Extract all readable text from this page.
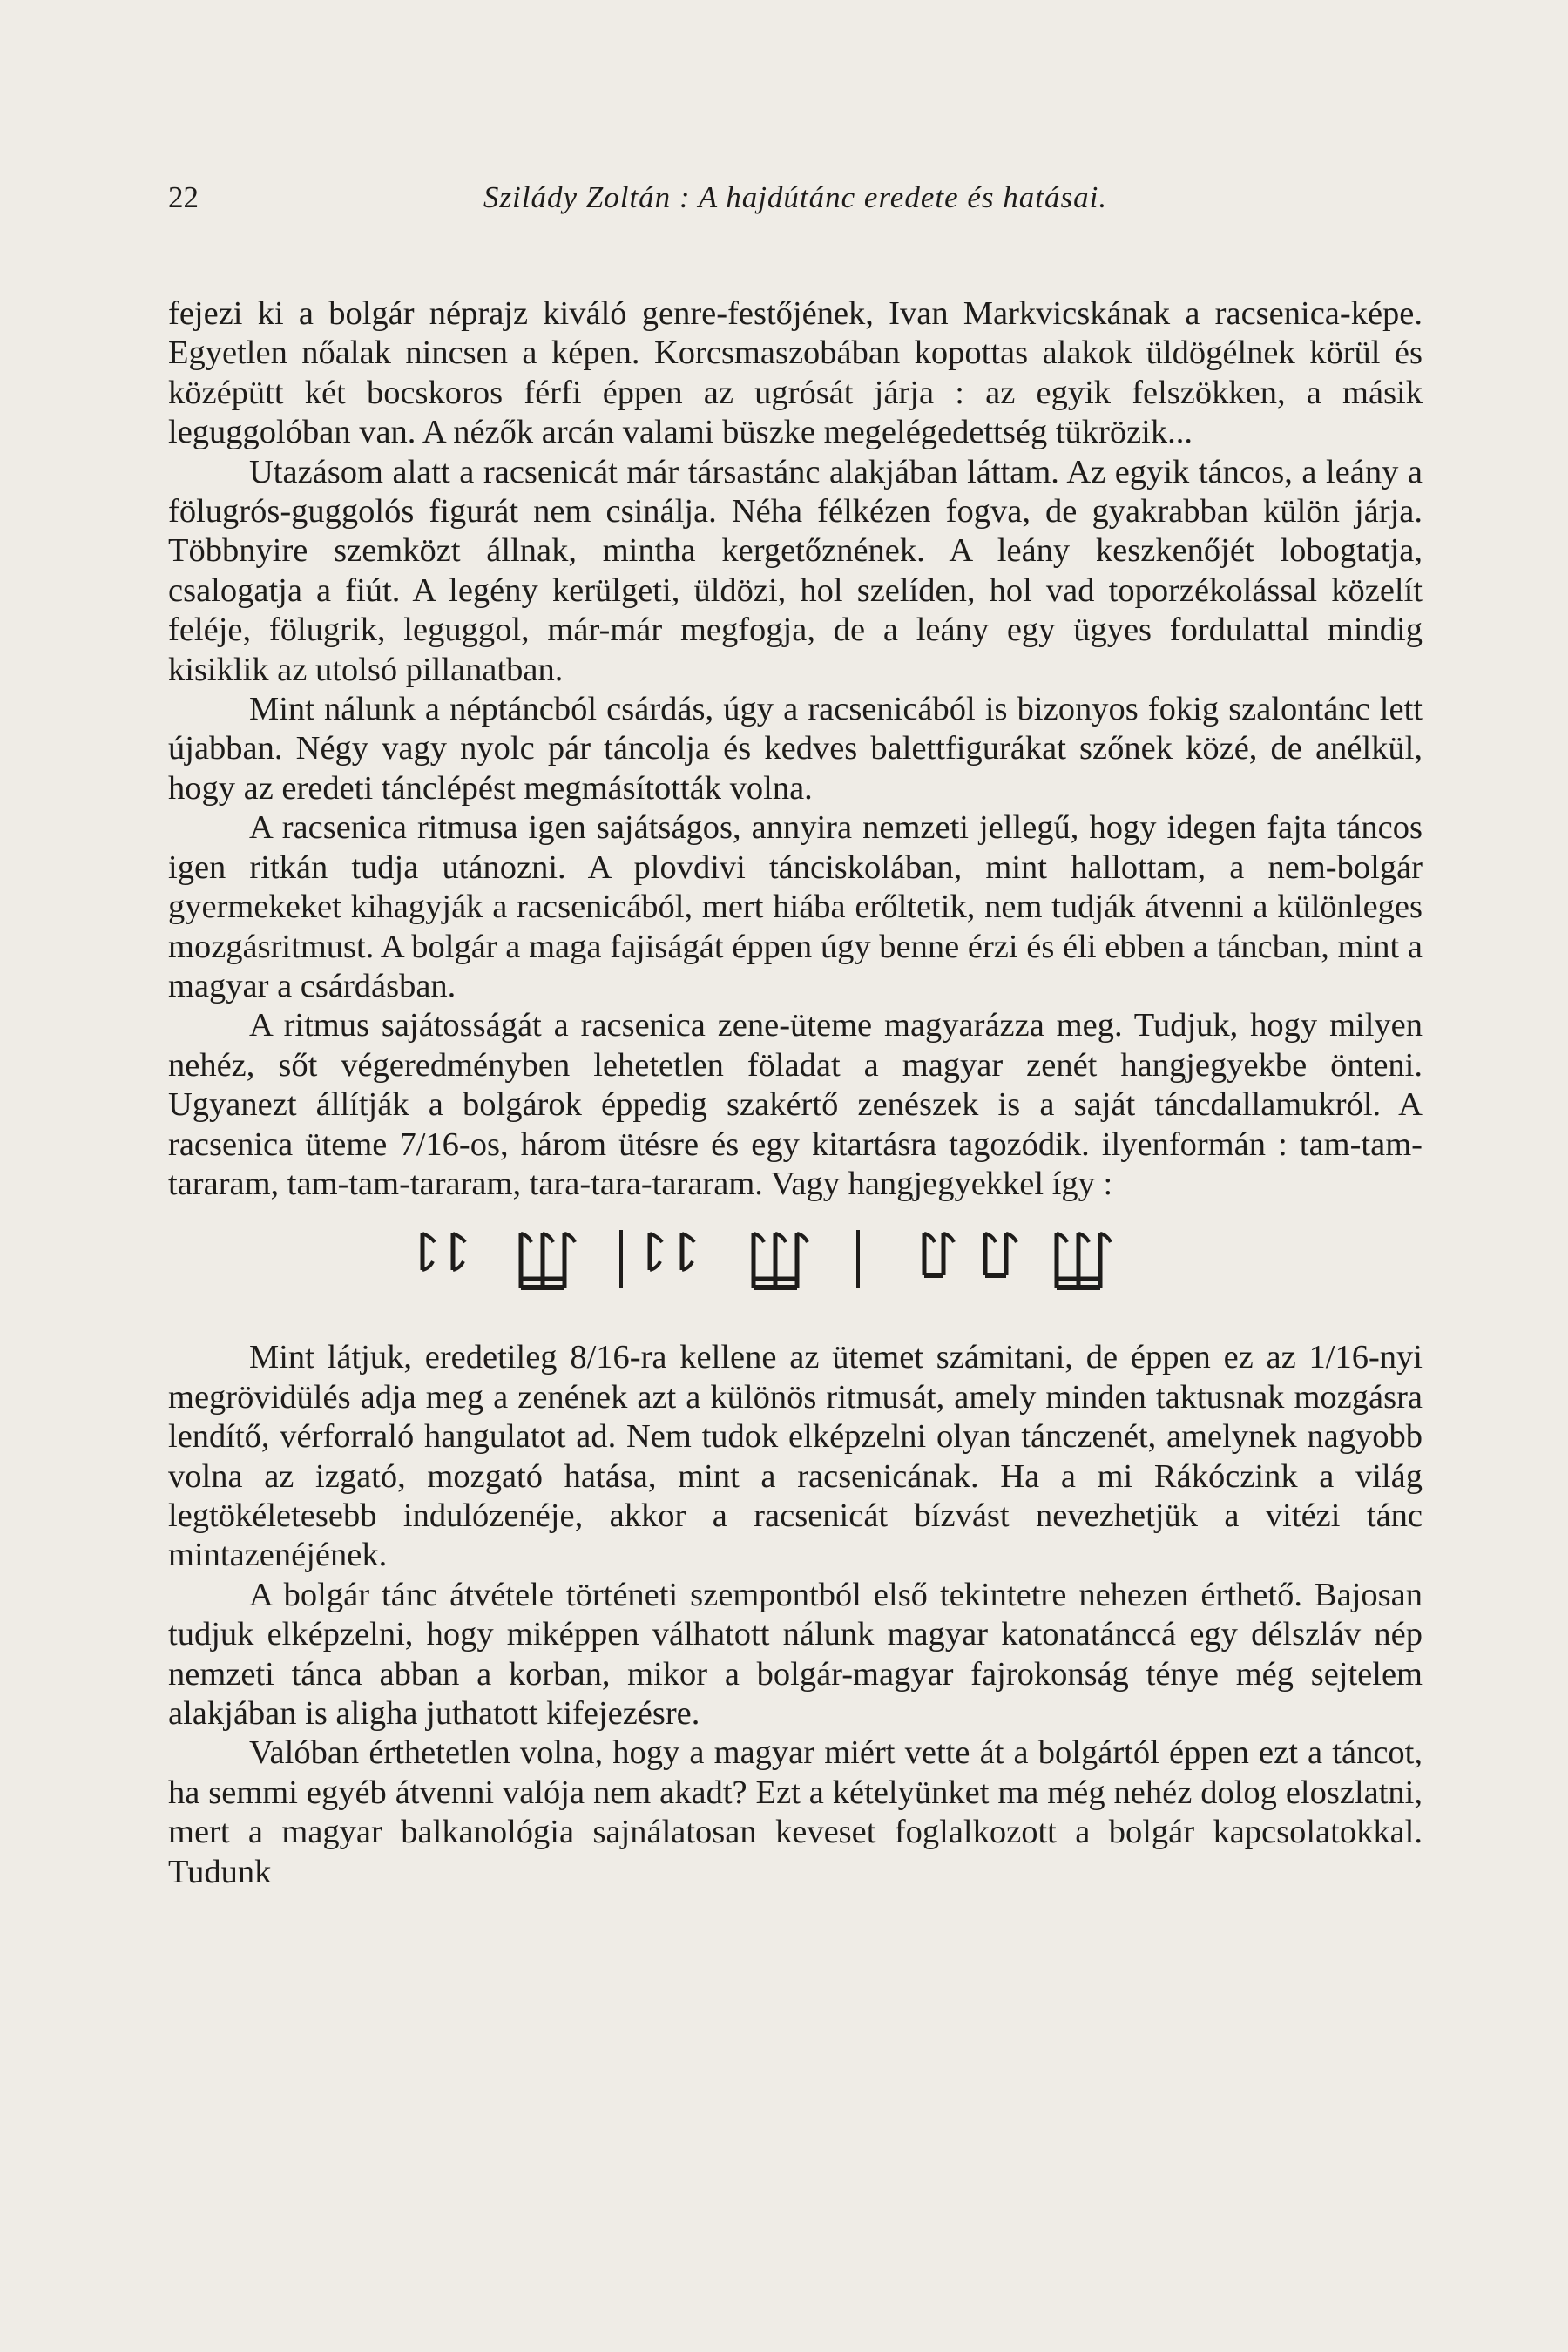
22	Sziládу Zoltán : A hajdútánc eredete és hatásai.

fejezi ki a bolgár néprajz kiváló genre-festőjének, Ivan Markvicskának a racsenica-képe. Egyetlen nőalak nincsen a képen. Korcsmaszobában kopottas alakok üldögélnek körül és középütt két bocskoros férfi éppen az ugrósát járja : az egyik felszökken, a másik leguggolóban van. A nézők arcán valami büszke megelégedettség tükrözik...

Utazásom alatt a racsenicát már társastánc alakjában láttam. Az egyik táncos, a leány a fölugrós-guggolós figurát nem csinálja. Néha félkézen fogva, de gyakrabban külön járja. Többnyire szemközt állnak, mintha kergetőznének. A leány keszkenőjét lobogtatja, csalogatja a fiút. A legény kerülgeti, üldözi, hol szelíden, hol vad toporzékolással közelít feléje, fölugrik, leguggol, már-már megfogja, de a leány egy ügyes fordulattal mindig kisiklik az utolsó pillanatban.

Mint nálunk a néptáncból csárdás, úgy a racsenicából is bizonyos fokig szalontánc lett újabban. Négy vagy nyolc pár táncolja és kedves balettfigurákat szőnek közé, de anélkül, hogy az eredeti tánclépést megmásították volna.

A racsenica ritmusa igen sajátságos, annyira nemzeti jellegű, hogy idegen fajta táncos igen ritkán tudja utánozni. A plovdivi tánciskolában, mint hallottam, a nem-bolgár gyermekeket kihagyják a racsenicából, mert hiába erőltetik, nem tudják átvenni a különleges mozgásritmust. A bolgár a maga fajiságát éppen úgy benne érzi és éli ebben a táncban, mint a magyar a csárdásban.

A ritmus sajátosságát a racsenica zene-üteme magyarázza meg. Tudjuk, hogy milyen nehéz, sőt végeredményben lehetetlen föladat a magyar zenét hangjegyekbe önteni. Ugyanezt állítják a bolgárok éppedig szakértő zenészek is a saját táncdallamukról. A racsenica üteme 7/16-os, három ütésre és egy kitartásra tagozódik. ilyenformán : tam-tam-tararam, tam-tam-tararam, tara-tara-tararam. Vagy hangjegyekkel így :

Mint látjuk, eredetileg 8/16-ra kellene az ütemet számitani, de éppen ez az 1/16-nyi megrövidülés adja meg a zenének azt a különös ritmusát, amely minden taktusnak mozgásra lendítő, vérforraló hangulatot ad. Nem tudok elképzelni olyan tánczenét, amelynek nagyobb volna az izgató, mozgató hatása, mint a racsenicának. Ha a mi Rákóczink a világ legtökéletesebb indulózenéje, akkor a racsenicát bízvást nevezhetjük a vitézi tánc mintazenéjének.

A bolgár tánc átvétele történeti szempontból első tekintetre nehezen érthető. Bajosan tudjuk elképzelni, hogy miképpen válhatott nálunk magyar katonatánccá egy délszláv nép nemzeti tánca abban a korban, mikor a bolgár-magyar fajrokonság ténye még sejtelem alakjában is aligha juthatott kifejezésre.

Valóban érthetetlen volna, hogy a magyar miért vette át a bolgártól éppen ezt a táncot, ha semmi egyéb átvenni valója nem akadt? Ezt a kételyünket ma még nehéz dolog eloszlatni, mert a magyar balkanológia sajnálatosan keveset foglalkozott a bolgár kapcsolatokkal. Tudunk
